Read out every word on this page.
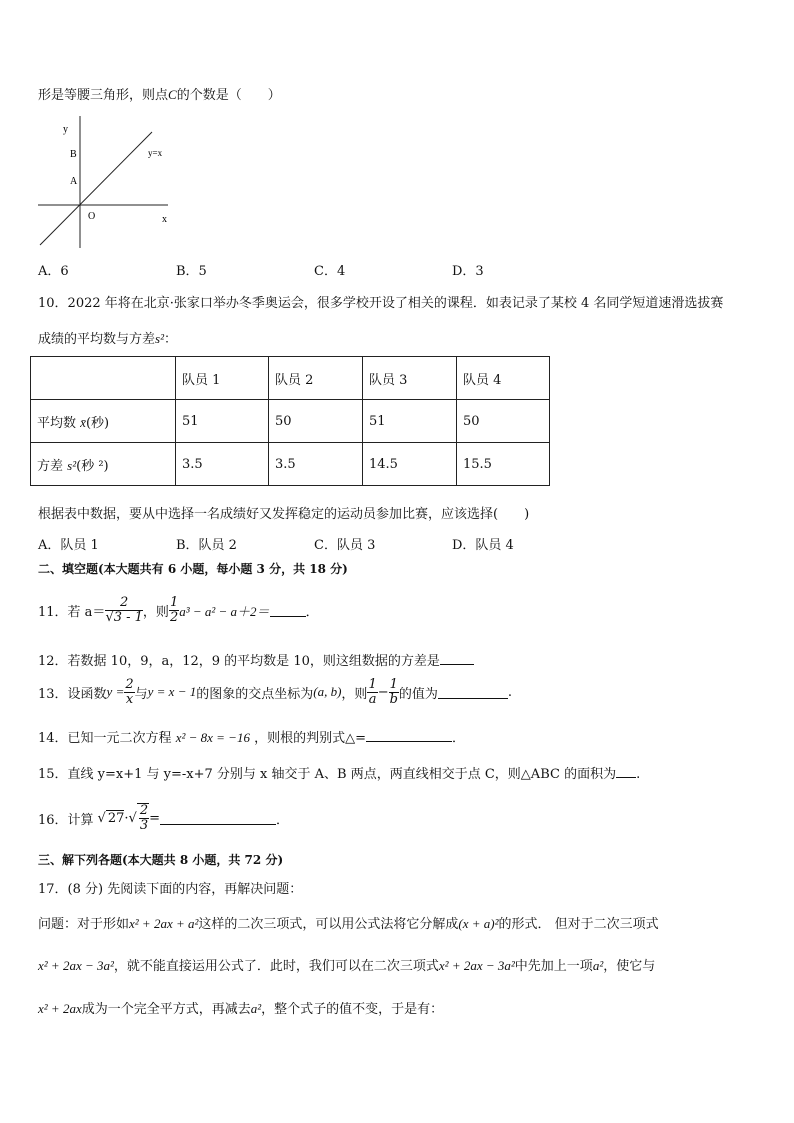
形是等腰三角形，则点C的个数是（　　）
y
x
O
A
B	y=x
A．6	B．5	C．4	D．3
10．2022 年将在北京·张家口举办冬季奥运会，很多学校开设了相关的课程．如表记录了某校 4 名同学短道速滑选拔赛
成绩的平均数与方差s²：
	队员 1	队员 2	队员 3	队员 4
平均数 x̄(秒)	51	50	51	50
方差 s²(秒 ²)	3.5	3.5	14.5	15.5
根据表中数据，要从中选择一名成绩好又发挥稳定的运动员参加比赛，应该选择(　　)
A．队员 1	B．队员 2	C．队员 3	D．队员 4
二、填空题(本大题共有 6 小题，每小题 3 分，共 18 分)
11．若 $a= \frac{2}{√3 - 1}$ ，则 $\frac{1}{2} a^3 - a^2 - a+2=$	．
12．若数据 10，9，a，12，9 的平均数是 10，则这组数据的方差是
13．设函数 $y = \frac{2}{x}$ 与 y = x − 1 的图象的交点坐标为 (a, b) ，则 $\frac{1}{a} - \frac{1}{b}$ 的值为	.
14．已知一元二次方程 x² − 8x = −16 ，则根的判别式△=	．
15．直线 y=x+1 与 y=-x+7 分别与 x 轴交于 A、B 两点，两直线相交于点 C，则△ABC 的面积为 .
16．计算 √ 27 · √ $\frac{2}{3}$ =	．
三、解下列各题(本大题共 8 小题，共 72 分)
17．(8 分) 先阅读下面的内容，再解决问题：
问题：对于形如x² + 2ax + a²这样的二次三项式，可以用公式法将它分解成(x + a)²的形式． 但对于二次三项式
x² + 2ax − 3a²，就不能直接运用公式了．此时，我们可以在二次三项式x² + 2ax − 3a²中先加上一项a²，使它与
x² + 2ax成为一个完全平方式，再减去a²，整个式子的值不变，于是有：
